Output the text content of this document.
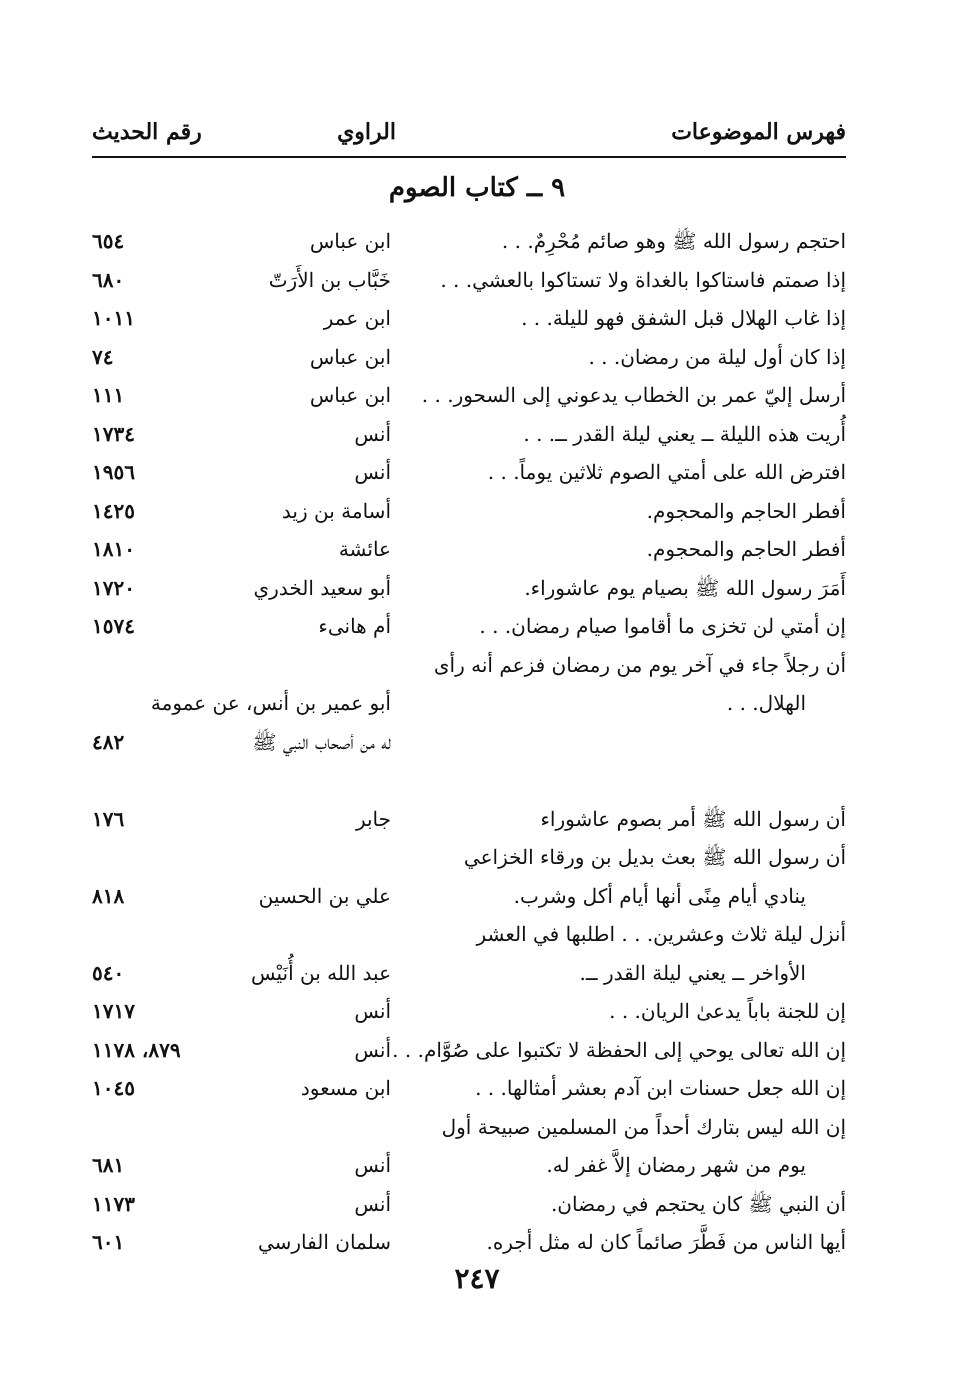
فهرس الموضوعات
الراوي
رقم الحديث
٩ ــ كتاب الصوم
احتجم رسول الله ﷺ وهو صائم مُحْرِمٌ. . .
ابن عباس
٦٥٤
إذا صمتم فاستاكوا بالغداة ولا تستاكوا بالعشي. . .
خَبَّاب بن الأَرَتّ
٦٨٠
إذا غاب الهلال قبل الشفق فهو لليلة. . .
ابن عمر
١٠١١
إذا كان أول ليلة من رمضان. . .
ابن عباس
٧٤
أرسل إليّ عمر بن الخطاب يدعوني إلى السحور. . .
ابن عباس
١١١
أُريت هذه الليلة ــ يعني ليلة القدر ــ. . .
أنس
١٧٣٤
افترض الله على أمتي الصوم ثلاثين يوماً. . .
أنس
١٩٥٦
أفطر الحاجم والمحجوم.
أسامة بن زيد
١٤٢٥
أفطر الحاجم والمحجوم.
عائشة
١٨١٠
أَمَرَ رسول الله ﷺ بصيام يوم عاشوراء.
أبو سعيد الخدري
١٧٢٠
إن أمتي لن تخزى ما أقاموا صيام رمضان. . .
أم هانىء
١٥٧٤
أن رجلاً جاء في آخر يوم من رمضان فزعم أنه رأى
الهلال. . .
أبو عمير بن أنس، عن عمومة
له من أصحاب النبي ﷺ
٤٨٢
أن رسول الله ﷺ أمر بصوم عاشوراء
جابر
١٧٦
أن رسول الله ﷺ بعث بديل بن ورقاء الخزاعي
ينادي أيام مِنًى أنها أيام أكل وشرب.
علي بن الحسين
٨١٨
أنزل ليلة ثلاث وعشرين. . . اطلبها في العشر
الأواخر ــ يعني ليلة القدر ــ.
عبد الله بن أُنَيْس
٥٤٠
إن للجنة باباً يدعىٰ الريان. . .
أنس
١٧١٧
إن الله تعالى يوحي إلى الحفظة لا تكتبوا على صُوَّام. . .
أنس
٨٧٩، ١١٧٨
إن الله جعل حسنات ابن آدم بعشر أمثالها. . .
ابن مسعود
١٠٤٥
إن الله ليس بتارك أحداً من المسلمين صبيحة أول
يوم من شهر رمضان إلاَّ غفر له.
أنس
٦٨١
أن النبي ﷺ كان يحتجم في رمضان.
أنس
١١٧٣
أيها الناس من فَطَّرَ صائماً كان له مثل أجره.
سلمان الفارسي
٦٠١
٢٤٧
